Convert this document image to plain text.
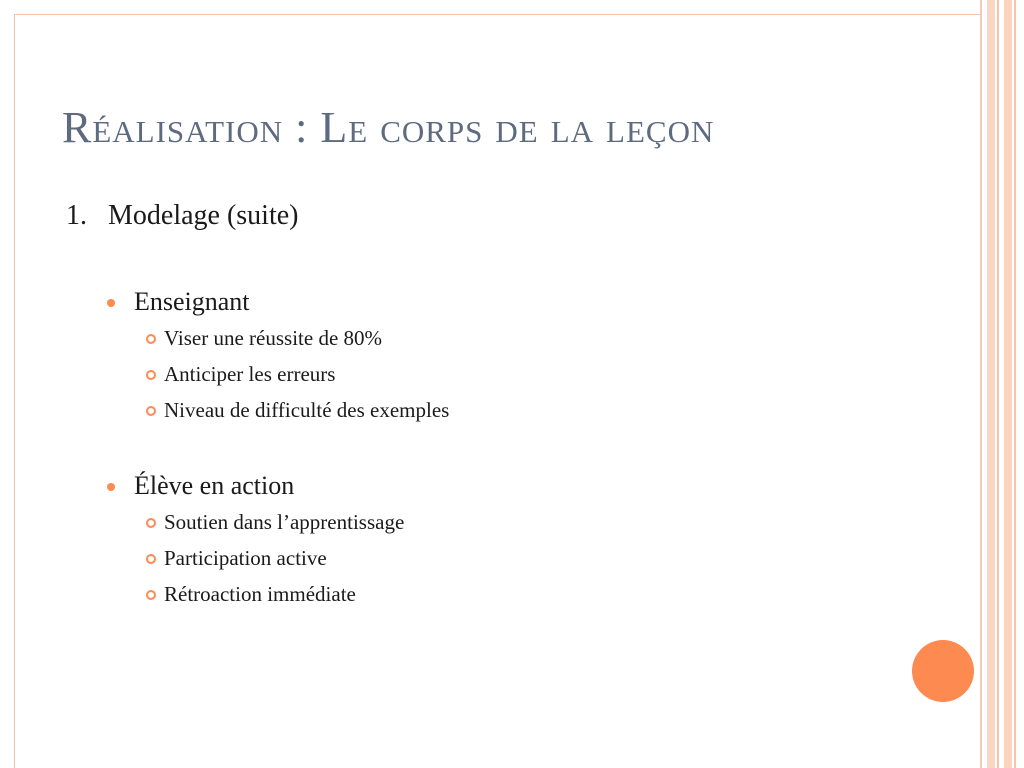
Réalisation : Le corps de la leçon

1. Modelage (suite)

Enseignant

Viser une réussite de 80%

Anticiper les erreurs

Niveau de difficulté des exemples

Élève en action

Soutien dans l’apprentissage

Participation active

Rétroaction immédiate
